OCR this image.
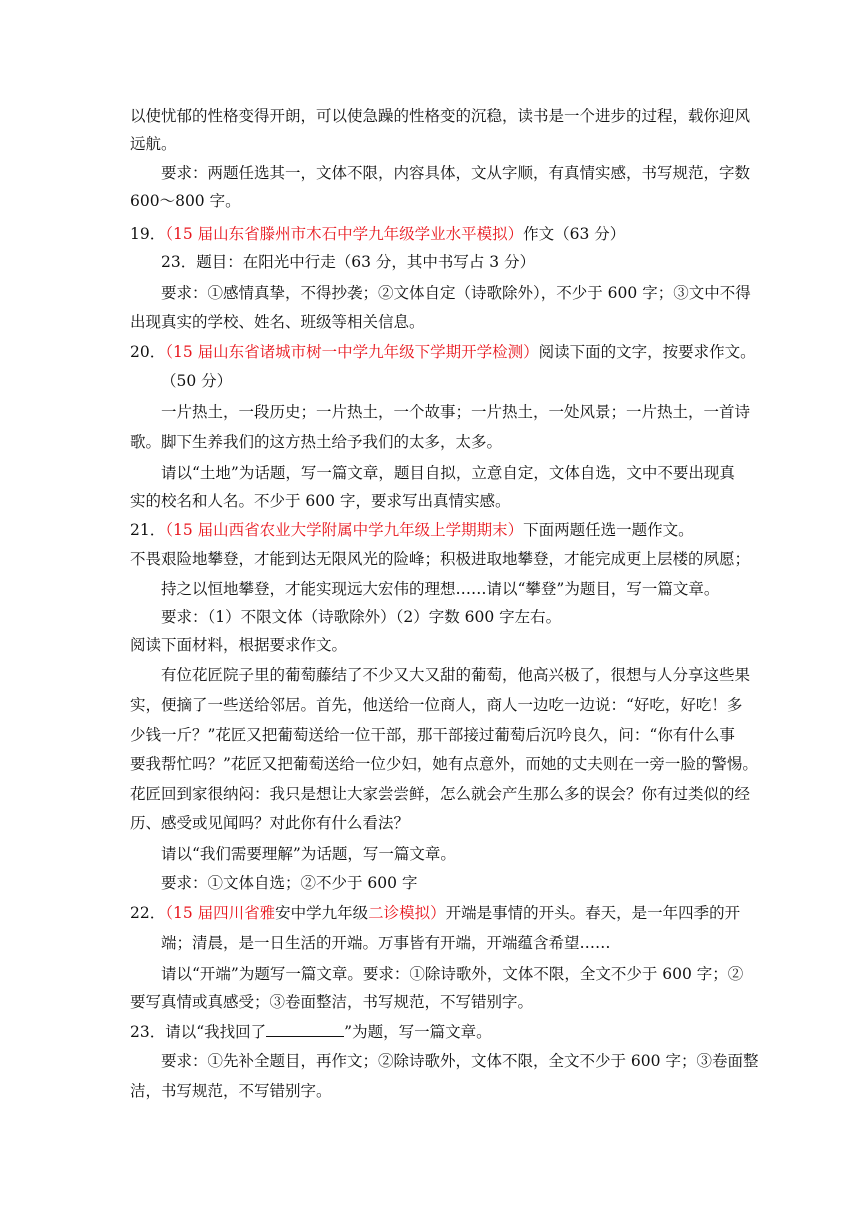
以使忧郁的性格变得开朗，可以使急躁的性格变的沉稳，读书是一个进步的过程，载你迎风
远航。
要求：两题任选其一，文体不限，内容具体，文从字顺，有真情实感，书写规范，字数
600～800 字。
19．（15 届山东省滕州市木石中学九年级学业水平模拟）作文（63 分）
23．题目：在阳光中行走（63 分，其中书写占 3 分）
要求：①感情真挚，不得抄袭；②文体自定（诗歌除外），不少于 600 字；③文中不得
出现真实的学校、姓名、班级等相关信息。
20．（15 届山东省诸城市树一中学九年级下学期开学检测）阅读下面的文字，按要求作文。
（50 分）
一片热土，一段历史；一片热土，一个故事；一片热土，一处风景；一片热土，一首诗
歌。脚下生养我们的这方热土给予我们的太多，太多。
请以“土地”为话题，写一篇文章，题目自拟，立意自定，文体自选，文中不要出现真
实的校名和人名。不少于 600 字，要求写出真情实感。
21．（15 届山西省农业大学附属中学九年级上学期期末）下面两题任选一题作文。
不畏艰险地攀登，才能到达无限风光的险峰；积极进取地攀登，才能完成更上层楼的夙愿；
持之以恒地攀登，才能实现远大宏伟的理想……请以“攀登”为题目，写一篇文章。
要求：（1）不限文体（诗歌除外）（2）字数 600 字左右。
阅读下面材料，根据要求作文。
有位花匠院子里的葡萄藤结了不少又大又甜的葡萄，他高兴极了，很想与人分享这些果
实，便摘了一些送给邻居。首先，他送给一位商人，商人一边吃一边说：“好吃，好吃！多
少钱一斤？”花匠又把葡萄送给一位干部，那干部接过葡萄后沉吟良久，问：“你有什么事
要我帮忙吗？”花匠又把葡萄送给一位少妇，她有点意外，而她的丈夫则在一旁一脸的警惕。
花匠回到家很纳闷：我只是想让大家尝尝鲜，怎么就会产生那么多的误会？你有过类似的经
历、感受或见闻吗？对此你有什么看法？
请以“我们需要理解”为话题，写一篇文章。
要求：①文体自选；②不少于 600 字
22．（15 届四川省雅安中学九年级二诊模拟）开端是事情的开头。春天，是一年四季的开
端；清晨，是一日生活的开端。万事皆有开端，开端蕴含希望……
请以“开端”为题写一篇文章。要求：①除诗歌外，文体不限，全文不少于 600 字；②
要写真情或真感受；③卷面整洁，书写规范，不写错别字。
23．请以“我找回了	”为题，写一篇文章。
要求：①先补全题目，再作文；②除诗歌外，文体不限，全文不少于 600 字；③卷面整
洁，书写规范，不写错别字。
